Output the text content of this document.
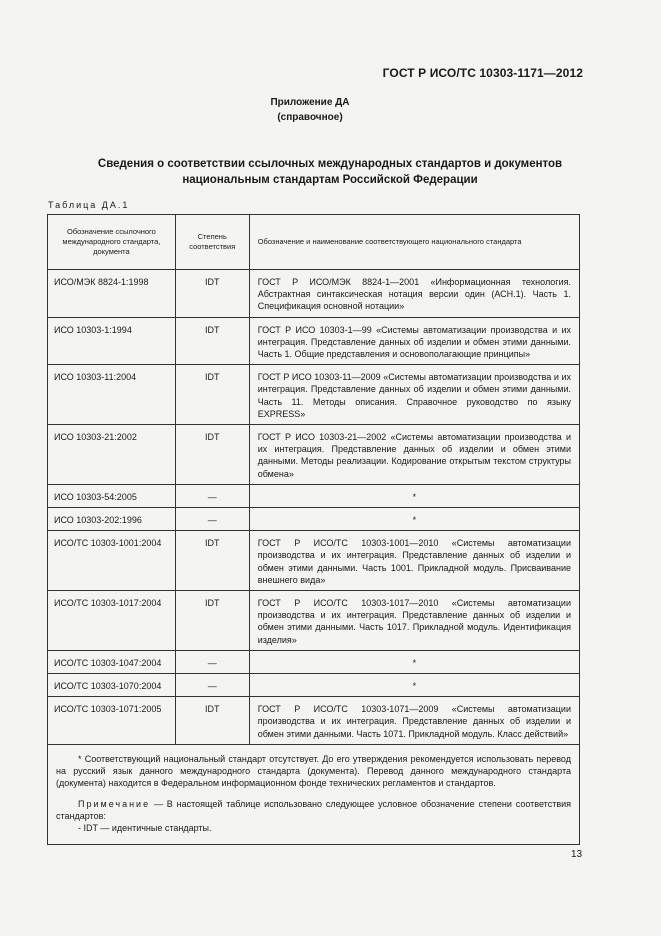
ГОСТ Р ИСО/ТС 10303-1171—2012
Приложение ДА
(справочное)
Сведения о соответствии ссылочных международных стандартов и документов
национальным стандартам Российской Федерации
Таблица ДА.1
Обозначение ссылочного международного стандарта, документа	Степень соответствия	Обозначение и наименование соответствующего национального стандарта
ИСО/МЭК 8824-1:1998	IDT	ГОСТ Р ИСО/МЭК 8824-1—2001 «Информационная технология. Абстрактная синтаксическая нотация версии один (АСН.1). Часть 1. Спецификация основной нотации»
ИСО 10303-1:1994	IDT	ГОСТ Р ИСО 10303-1—99 «Системы автоматизации производства и их интеграция. Представление данных об изделии и обмен этими данными. Часть 1. Общие представления и основополагающие принципы»
ИСО 10303-11:2004	IDT	ГОСТ Р ИСО 10303-11—2009 «Системы автоматизации производства и их интеграция. Представление данных об изделии и обмен этими данными. Часть 11. Методы описания. Справочное руководство по языку EXPRESS»
ИСО 10303-21:2002	IDT	ГОСТ Р ИСО 10303-21—2002 «Системы автоматизации производства и их интеграция. Представление данных об изделии и обмен этими данными. Методы реализации. Кодирование открытым текстом структуры обмена»
ИСО 10303-54:2005	—	*
ИСО 10303-202:1996	—	*
ИСО/ТС 10303-1001:2004	IDT	ГОСТ Р ИСО/ТС 10303-1001—2010 «Системы автоматизации производства и их интеграция. Представление данных об изделии и обмен этими данными. Часть 1001. Прикладной модуль. Присваивание внешнего вида»
ИСО/ТС 10303-1017:2004	IDT	ГОСТ Р ИСО/ТС 10303-1017—2010 «Системы автоматизации производства и их интеграция. Представление данных об изделии и обмен этими данными. Часть 1017. Прикладной модуль. Идентификация изделия»
ИСО/ТС 10303-1047:2004	—	*
ИСО/ТС 10303-1070:2004	—	*
ИСО/ТС 10303-1071:2005	IDT	ГОСТ Р ИСО/ТС 10303-1071—2009 «Системы автоматизации производства и их интеграция. Представление данных об изделии и обмен этими данными. Часть 1071. Прикладной модуль. Класс действий»

* Соответствующий национальный стандарт отсутствует. До его утверждения рекомендуется использовать перевод на русский язык данного международного стандарта (документа). Перевод данного международного стандарта (документа) находится в Федеральном информационном фонде технических регламентов и стандартов.

Примечание — В настоящей таблице использовано следующее условное обозначение степени соответствия стандартов:

- IDT — идентичные стандарты.		

13
